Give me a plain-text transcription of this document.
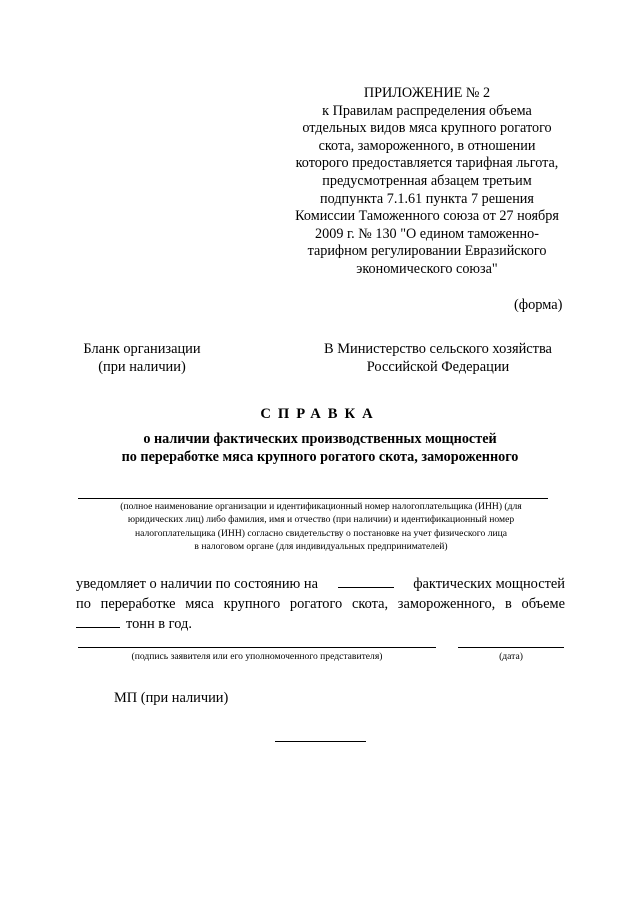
ПРИЛОЖЕНИЕ № 2
к Правилам распределения объема
отдельных видов мяса крупного рогатого
скота, замороженного, в отношении
которого предоставляется тарифная льгота,
предусмотренная абзацем третьим
подпункта 7.1.61 пункта 7 решения
Комиссии Таможенного союза от 27 ноября
2009 г. № 130 "О едином таможенно-
тарифном регулировании Евразийского
экономического союза"
(форма)
Бланк организации
(при наличии)
В Министерство сельского хозяйства
Российской Федерации
СПРАВКА
о наличии фактических производственных мощностей
по переработке мяса крупного рогатого скота, замороженного
(полное наименование организации и идентификационный номер налогоплательщика (ИНН) (для
юридических лиц) либо фамилия, имя и отчество (при наличии) и идентификационный номер
налогоплательщика (ИНН) согласно свидетельству о постановке на учет физического лица
в налоговом органе (для индивидуальных предпринимателей)
уведомляет о наличии по состоянию на	фактических мощностей
по переработке мяса крупного рогатого скота, замороженного, в объеме
тонн в год.
(подпись заявителя или его уполномоченного представителя)	(дата)
МП (при наличии)
